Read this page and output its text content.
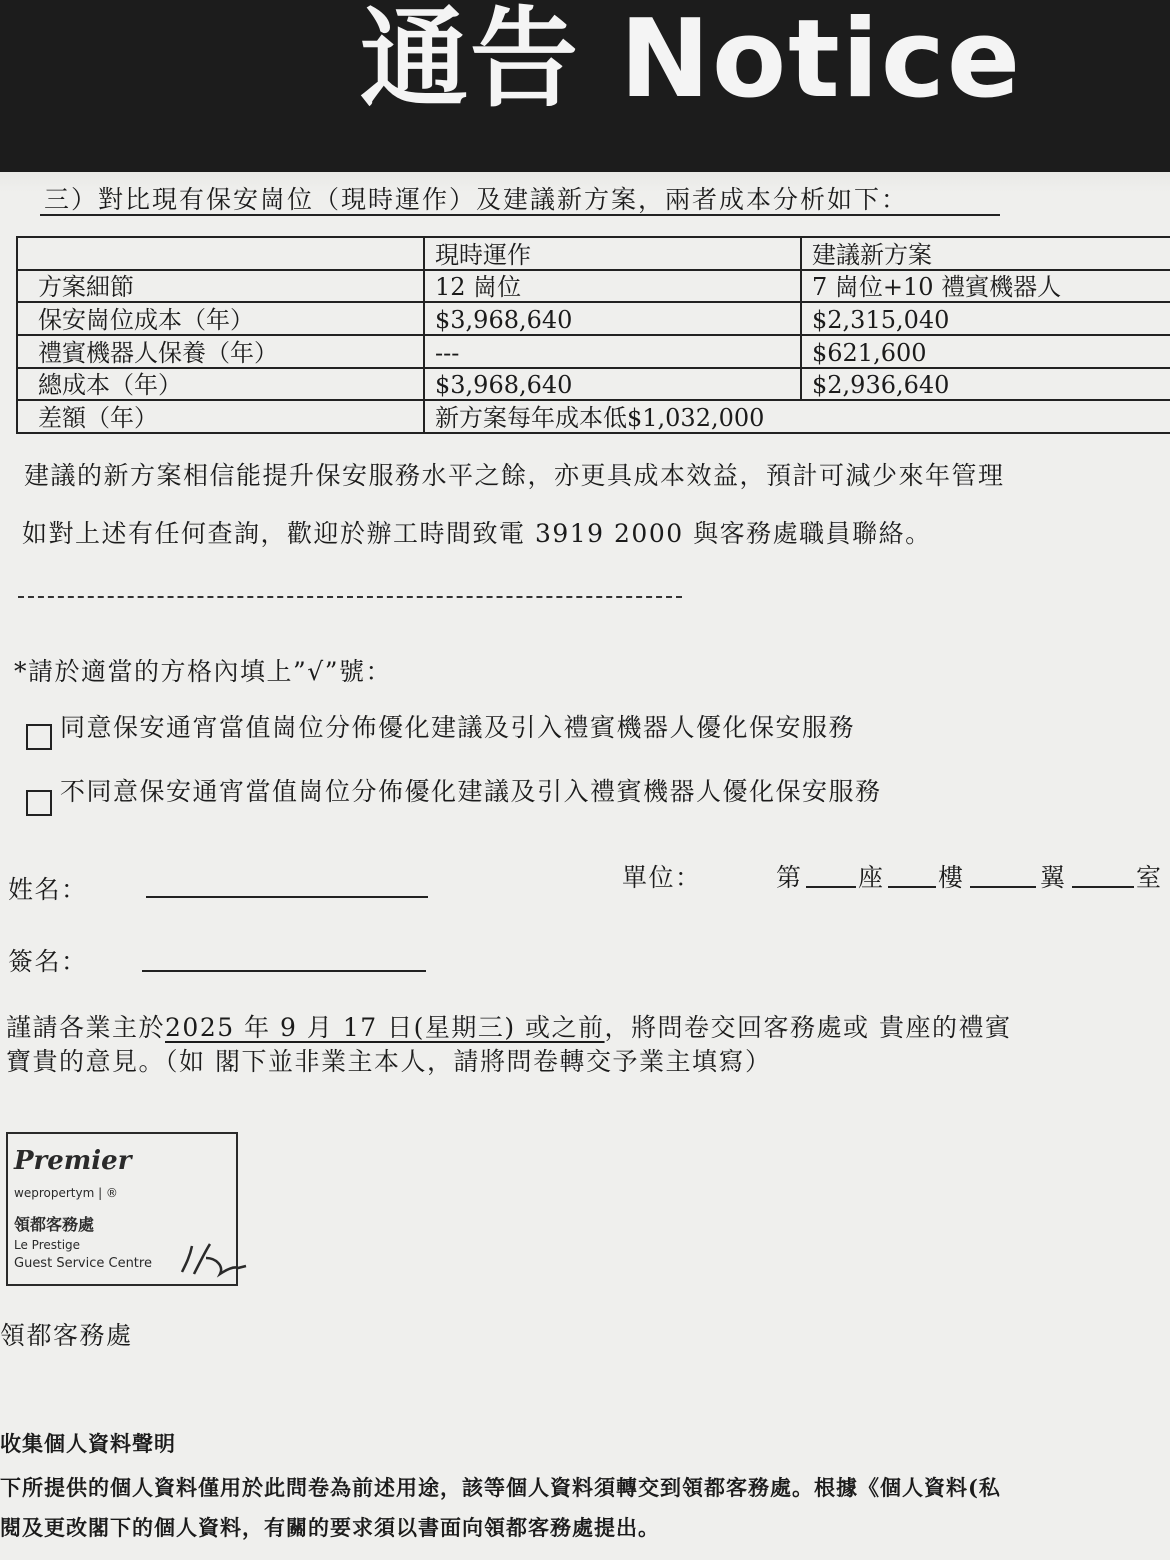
通告 Notice
三）對比現有保安崗位（現時運作）及建議新方案，兩者成本分析如下：
	現時運作	建議新方案
方案細節	12 崗位	7 崗位+10 禮賓機器人
保安崗位成本（年）	$3,968,640	$2,315,040
禮賓機器人保養（年）	---	$621,600
總成本（年）	$3,968,640	$2,936,640
差額（年）	新方案每年成本低$1,032,000	
建議的新方案相信能提升保安服務水平之餘，亦更具成本效益，預計可減少來年管理
如對上述有任何查詢，歡迎於辦工時間致電 3919 2000 與客務處職員聯絡。
*請於適當的方格內填上”√”號：
同意保安通宵當值崗位分佈優化建議及引入禮賓機器人優化保安服務
不同意保安通宵當值崗位分佈優化建議及引入禮賓機器人優化保安服務
姓名：	單位：	第 座 樓	翼	室
簽名：
謹請各業主於2025 年 9 月 17 日(星期三) 或之前，將問卷交回客務處或 貴座的禮賓
寶貴的意見。（如 閣下並非業主本人，請將問卷轉交予業主填寫）
Premier
wepropertym | ®
領都客務處
Le Prestige
Guest Service Centre
領都客務處
收集個人資料聲明
下所提供的個人資料僅用於此問卷為前述用途，該等個人資料須轉交到領都客務處。根據《個人資料(私
閱及更改閣下的個人資料，有關的要求須以書面向領都客務處提出。
